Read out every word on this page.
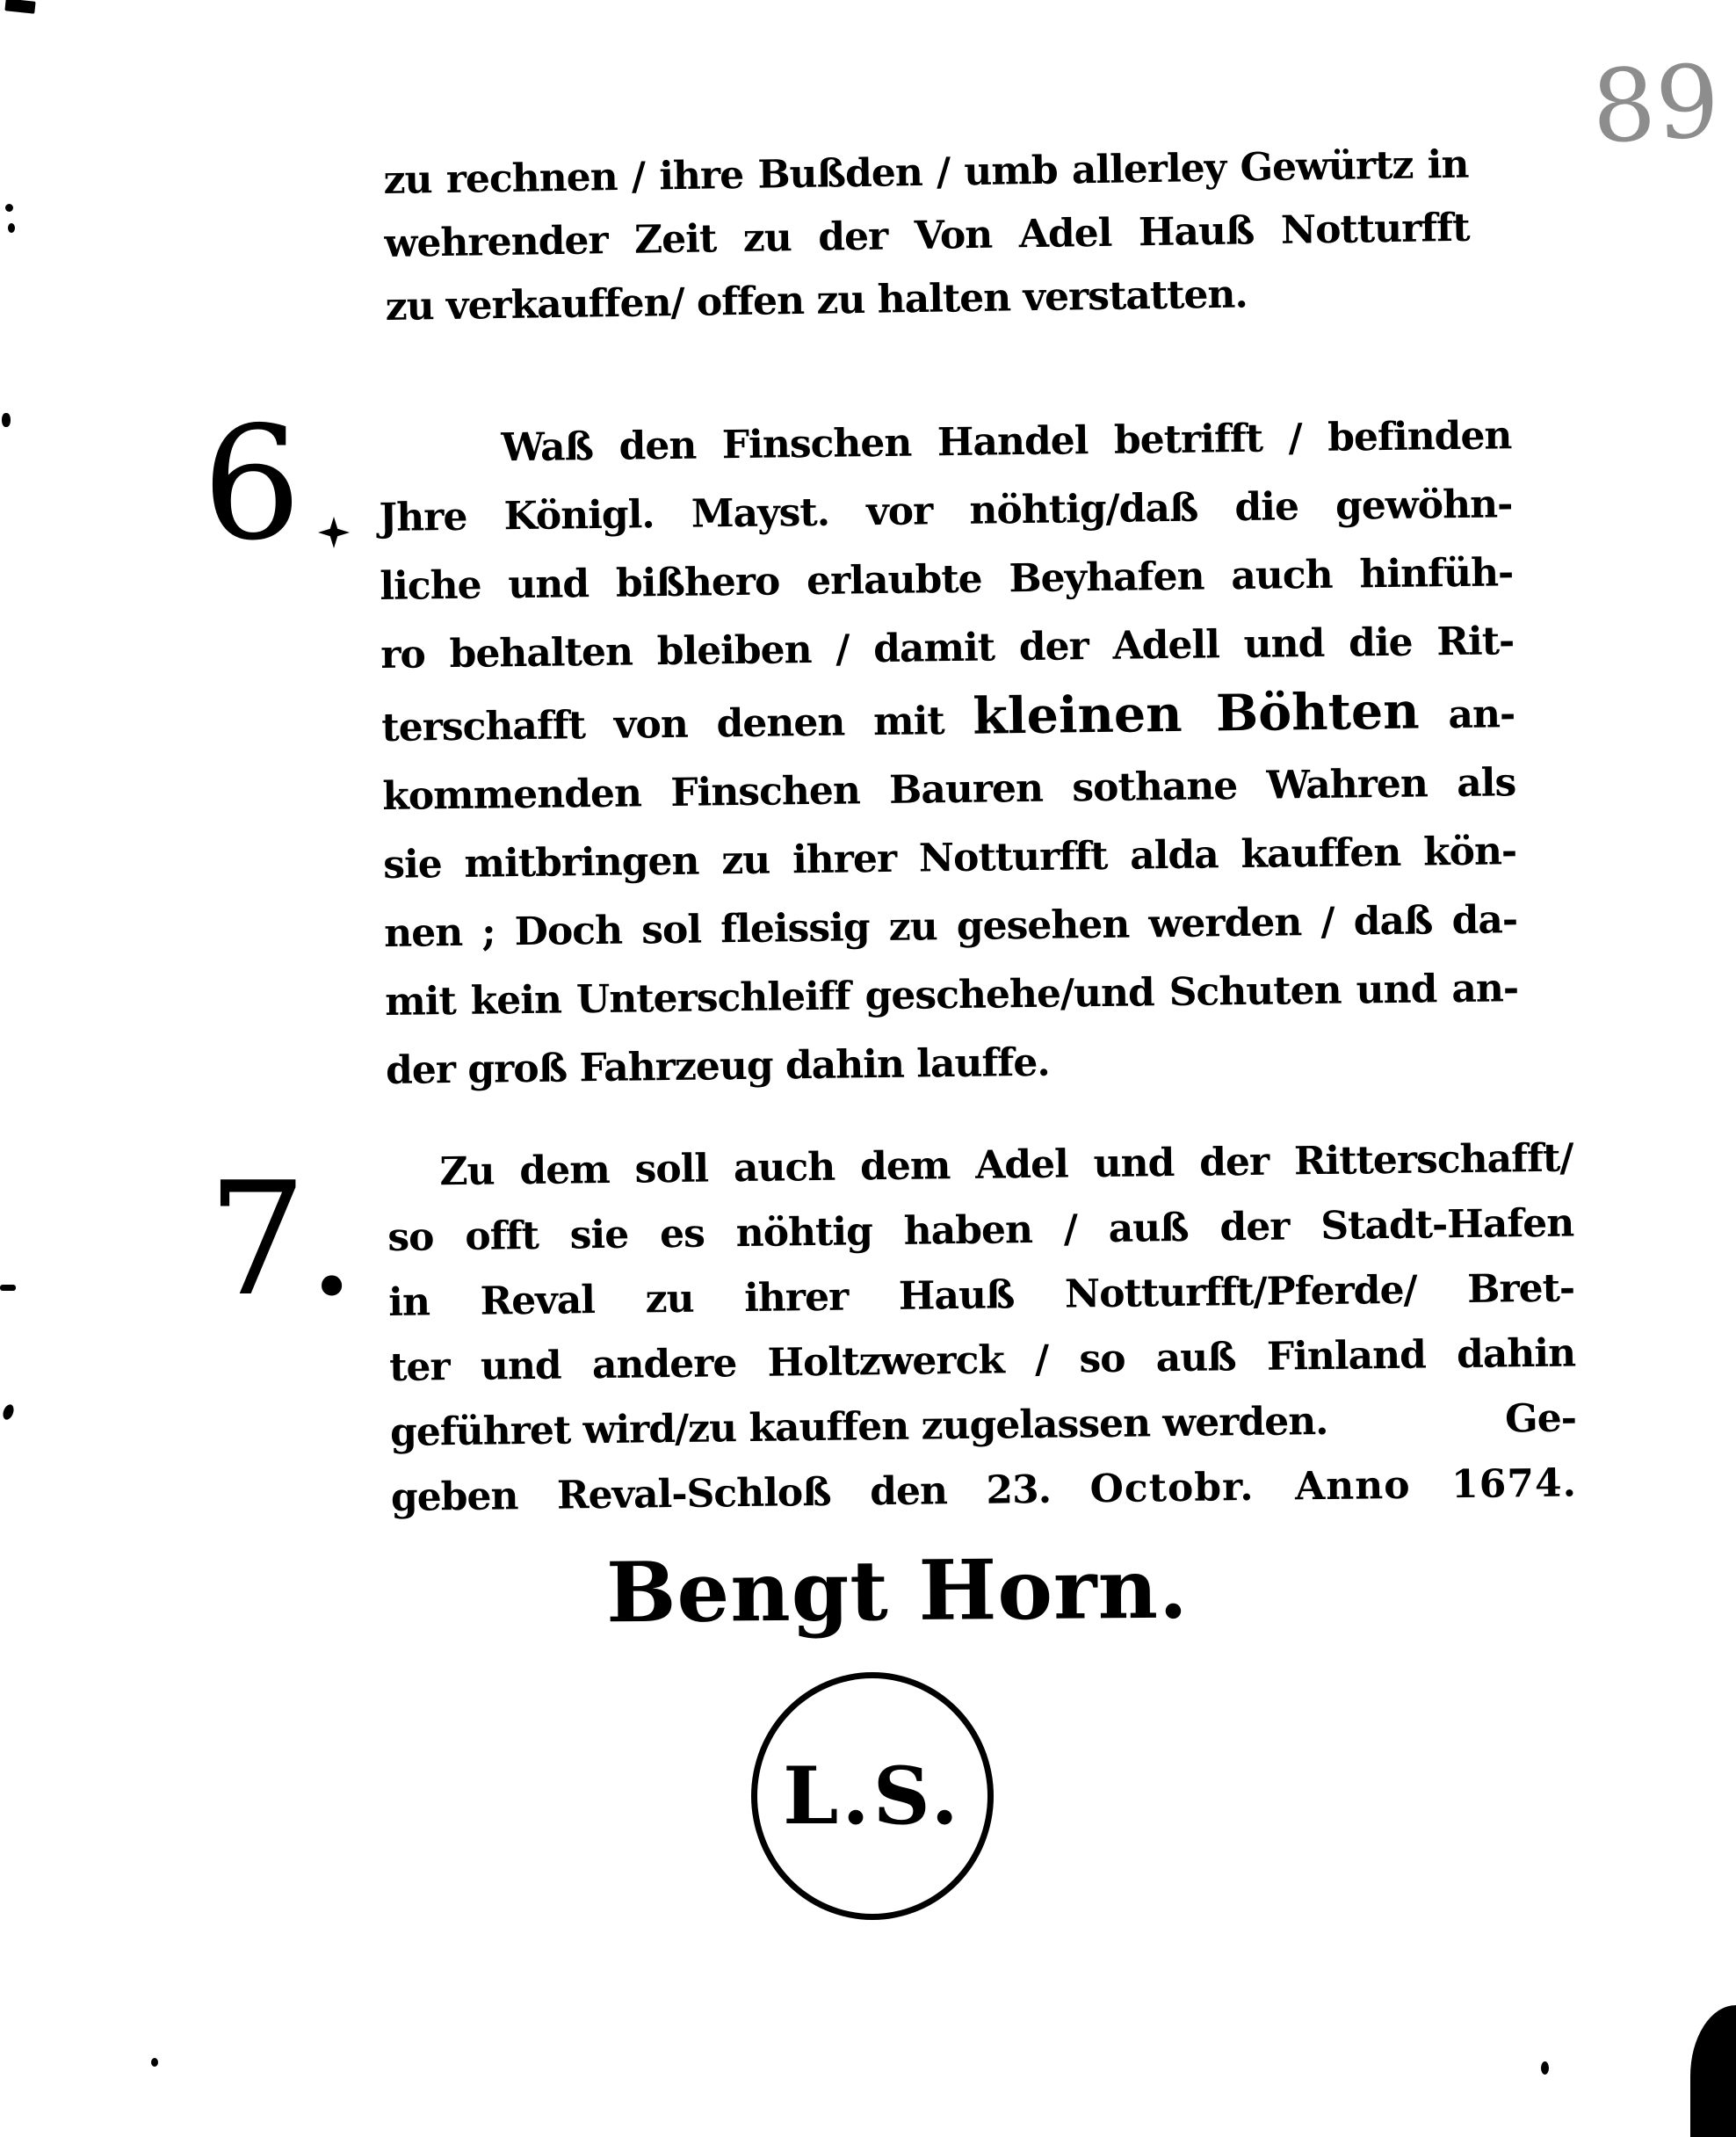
89
zu rechnen / ihre Bußden / umb allerley Gewürtz in
wehrender Zeit zu der Von Adel Hauß Notturfft
zu verkauffen/ offen zu halten verstatten.
6	Waß den Finschen Handel betrifft / befinden
Jhre Königl. Mayst. vor nöhtig/daß die gewöhn-
liche und bißhero erlaubte Beyhafen auch hinfüh-
ro behalten bleiben / damit der Adell und die Rit-
terschafft von denen mit kleinen Böhten an-
kommenden Finschen Bauren sothane Wahren als
sie mitbringen zu ihrer Notturfft alda kauffen kön-
nen ; Doch sol fleissig zu gesehen werden / daß da-
mit kein Unterschleiff geschehe/und Schuten und an-
der groß Fahrzeug dahin lauffe.
7.	Zu dem soll auch dem Adel und der Ritterschafft/
so offt sie es nöhtig haben / auß der Stadt-Hafen
in Reval zu ihrer Hauß Notturfft/Pferde/ Bret-
ter und andere Holtzwerck / so auß Finland dahin
geführet wird/zu kauffen zugelassen werden.	Ge-
geben Reval-Schloß den 23. Octobr. Anno 1674.
Bengt Horn.
L.S.
